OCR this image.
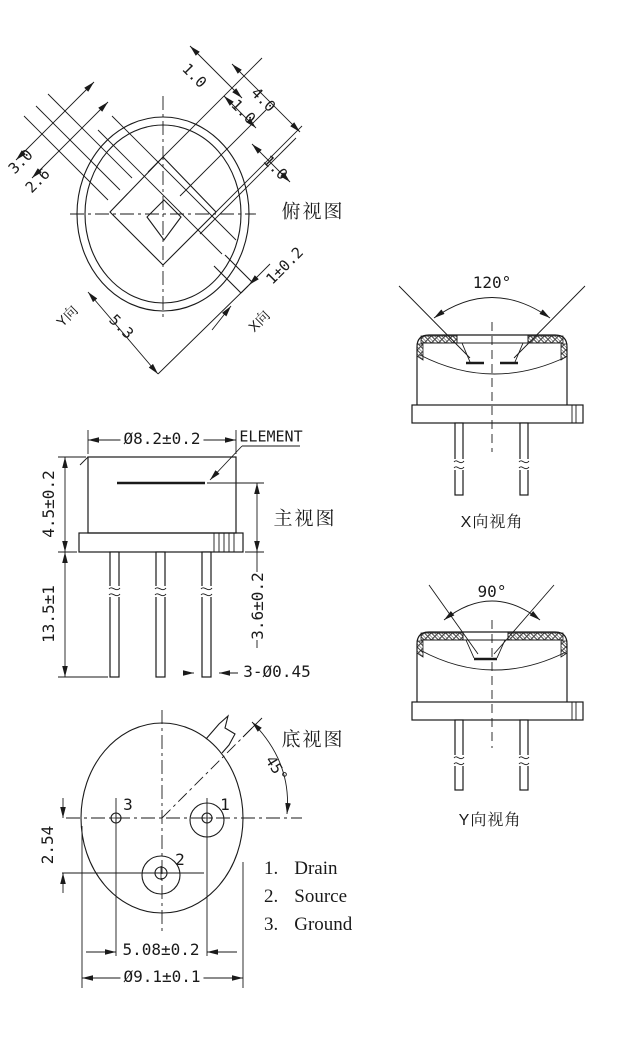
1.0
4.0
1.0
1.0
3.0
2.6
俯视图
1±0.2
Y向 5.3	X向
Ø8.2±0.2	ELEMENT
4.5±0.2	主视图
13.5±1	3.6±0.2
3-Ø0.45
底视图
45°
3	1
2
2.54
5.08±0.2
Ø9.1±0.1
120°
X向视角
90°
Y向视角
1. Drain
2. Source
3. Ground
